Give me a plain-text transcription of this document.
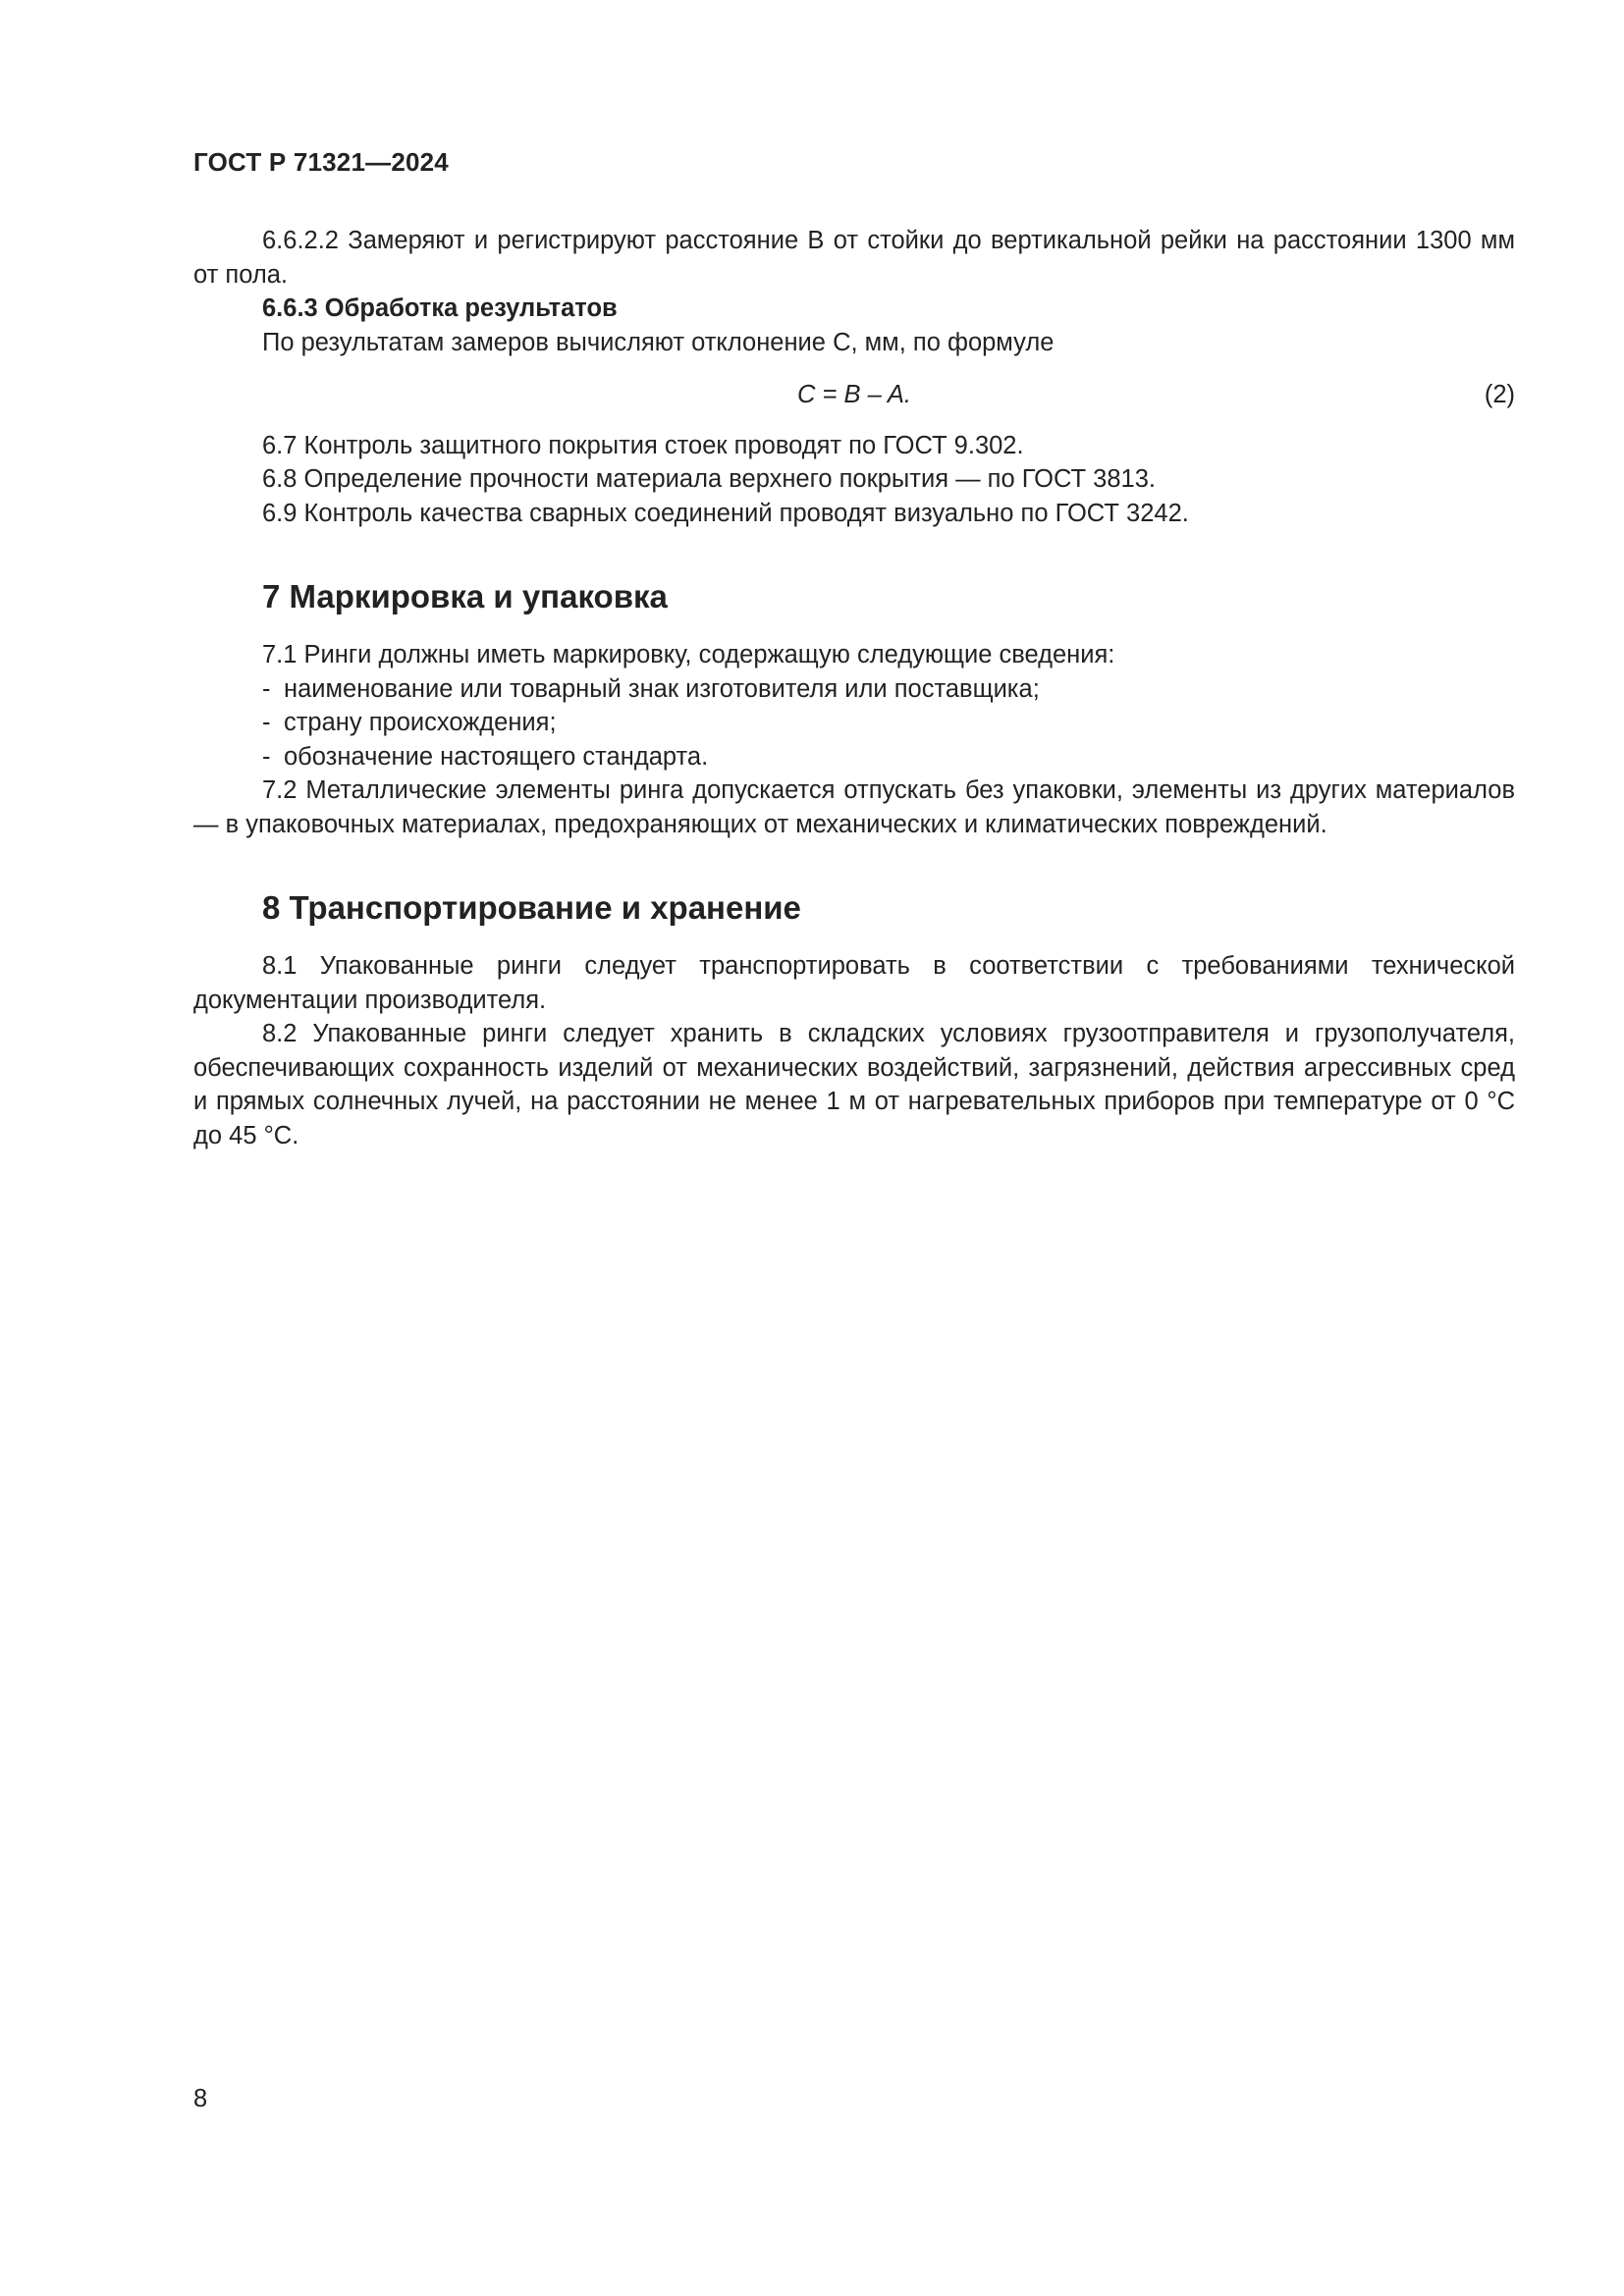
ГОСТ Р 71321—2024

6.6.2.2 Замеряют и регистрируют расстояние В от стойки до вертикальной рейки на расстоянии 1300 мм от пола.

6.6.3 Обработка результатов

По результатам замеров вычисляют отклонение С, мм, по формуле

C = B – A.	(2)

6.7 Контроль защитного покрытия стоек проводят по ГОСТ 9.302.

6.8 Определение прочности материала верхнего покрытия — по ГОСТ 3813.

6.9 Контроль качества сварных соединений проводят визуально по ГОСТ 3242.

7 Маркировка и упаковка

7.1 Ринги должны иметь маркировку, содержащую следующие сведения:

- наименование или товарный знак изготовителя или поставщика;

- страну происхождения;

- обозначение настоящего стандарта.

7.2 Металлические элементы ринга допускается отпускать без упаковки, элементы из других материалов — в упаковочных материалах, предохраняющих от механических и климатических повреждений.

8 Транспортирование и хранение

8.1 Упакованные ринги следует транспортировать в соответствии с требованиями технической документации производителя.

8.2 Упакованные ринги следует хранить в складских условиях грузоотправителя и грузополучателя, обеспечивающих сохранность изделий от механических воздействий, загрязнений, действия агрессивных сред и прямых солнечных лучей, на расстоянии не менее 1 м от нагревательных приборов при температуре от 0 °С до 45 °С.

8
